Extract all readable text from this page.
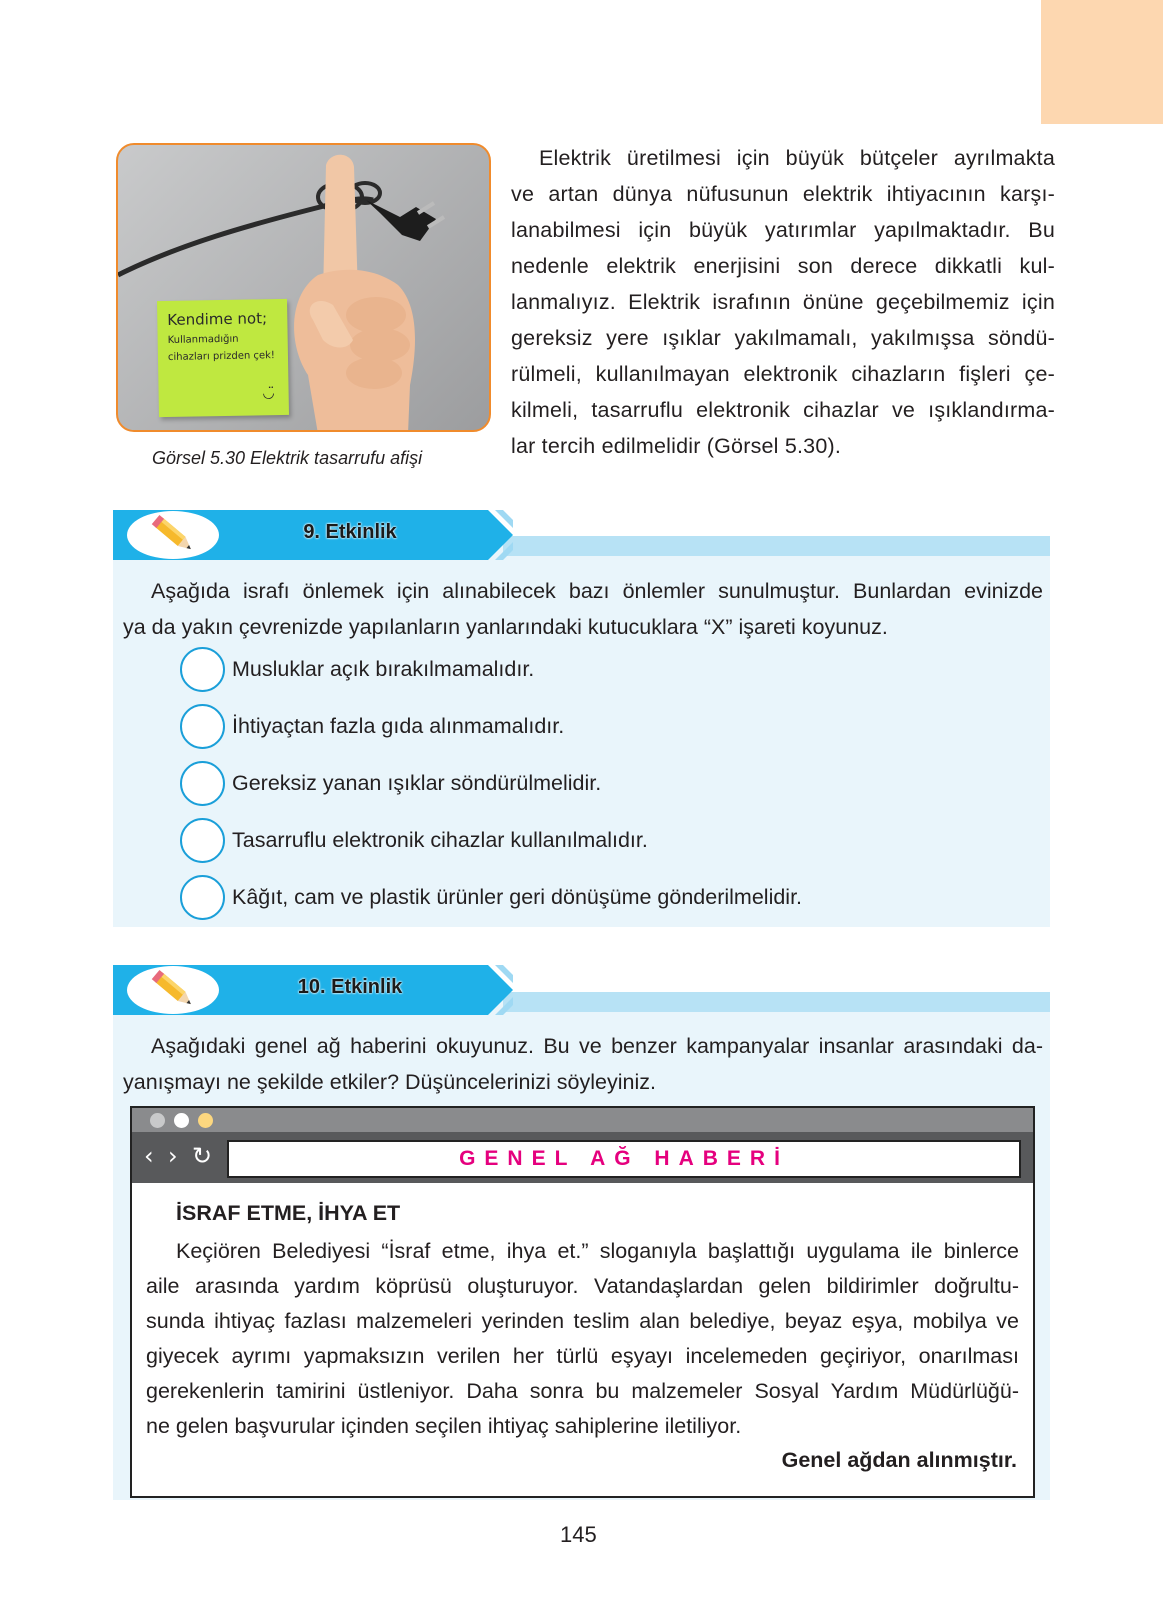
Kendime not;
Kullanmadığın
cihazları prizden çek!
◡̈
Görsel 5.30 Elektrik tasarrufu afişi
Elektrik üretilmesi için büyük bütçeler ayrılmakta
ve artan dünya nüfusunun elektrik ihtiyacının karşı-
lanabilmesi için büyük yatırımlar yapılmaktadır. Bu
nedenle elektrik enerjisini son derece dikkatli kul-
lanmalıyız. Elektrik israfının önüne geçebilmemiz için
gereksiz yere ışıklar yakılmamalı, yakılmışsa söndü-
rülmeli, kullanılmayan elektronik cihazların fişleri çe-
kilmeli, tasarruflu elektronik cihazlar ve ışıklandırma-
lar tercih edilmelidir (Görsel 5.30).
9. Etkinlik
Aşağıda israfı önlemek için alınabilecek bazı önlemler sunulmuştur. Bunlardan evinizde
ya da yakın çevrenizde yapılanların yanlarındaki kutucuklara “X” işareti koyunuz.
Musluklar açık bırakılmamalıdır.
İhtiyaçtan fazla gıda alınmamalıdır.
Gereksiz yanan ışıklar söndürülmelidir.
Tasarruflu elektronik cihazlar kullanılmalıdır.
Kâğıt, cam ve plastik ürünler geri dönüşüme gönderilmelidir.
10. Etkinlik
Aşağıdaki genel ağ haberini okuyunuz. Bu ve benzer kampanyalar insanlar arasındaki da-
yanışmayı ne şekilde etkiler? Düşüncelerinizi söyleyiniz.
‹ › ↻	GENEL AĞ HABERİ
İSRAF ETME, İHYA ET
Keçiören Belediyesi “İsraf etme, ihya et.” sloganıyla başlattığı uygulama ile binlerce
aile arasında yardım köprüsü oluşturuyor. Vatandaşlardan gelen bildirimler doğrultu-
sunda ihtiyaç fazlası malzemeleri yerinden teslim alan belediye, beyaz eşya, mobilya ve
giyecek ayrımı yapmaksızın verilen her türlü eşyayı incelemeden geçiriyor, onarılması
gerekenlerin tamirini üstleniyor. Daha sonra bu malzemeler Sosyal Yardım Müdürlüğü-
ne gelen başvurular içinden seçilen ihtiyaç sahiplerine iletiliyor.
Genel ağdan alınmıştır.
145
